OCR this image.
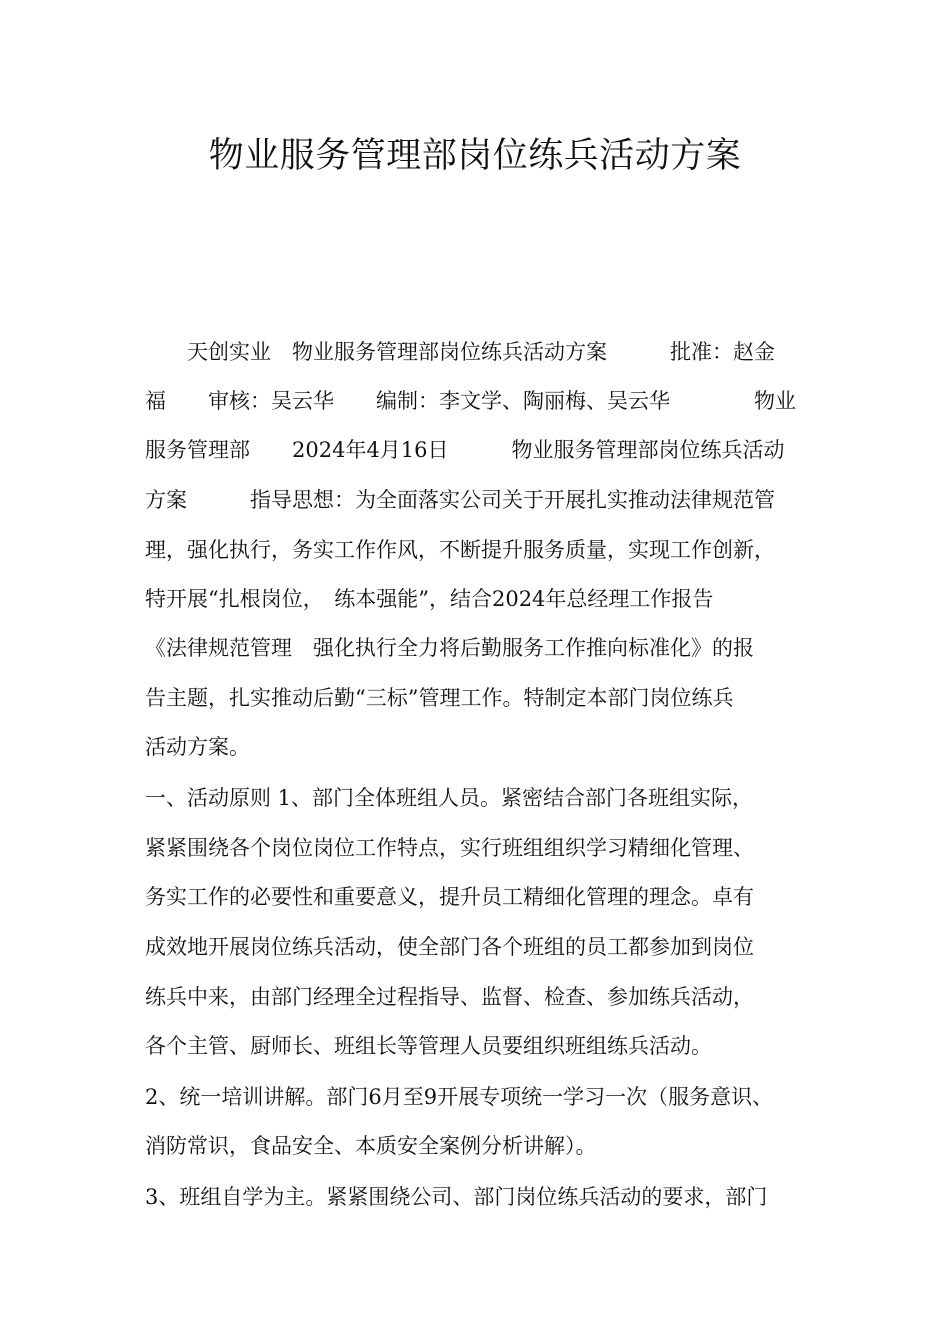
物业服务管理部岗位练兵活动方案

　　天创实业　物业服务管理部岗位练兵活动方案　　　批准：赵金

福　　审核：吴云华　　编制：李文学、陶丽梅、吴云华　　　　物业

服务管理部　　2024年4月16日　　　物业服务管理部岗位练兵活动

方案　　　指导思想：为全面落实公司关于开展扎实推动法律规范管

理，强化执行，务实工作作风，不断提升服务质量，实现工作创新，

特开展“扎根岗位，　练本强能”，结合2024年总经理工作报告

《法律规范管理　强化执行全力将后勤服务工作推向标准化》的报

告主题，扎实推动后勤“三标”管理工作。特制定本部门岗位练兵

活动方案。

一、活动原则 1、部门全体班组人员。紧密结合部门各班组实际，

紧紧围绕各个岗位岗位工作特点，实行班组组织学习精细化管理、

务实工作的必要性和重要意义，提升员工精细化管理的理念。卓有

成效地开展岗位练兵活动，使全部门各个班组的员工都参加到岗位

练兵中来，由部门经理全过程指导、监督、检查、参加练兵活动，

各个主管、厨师长、班组长等管理人员要组织班组练兵活动。

2、统一培训讲解。部门6月至9开展专项统一学习一次（服务意识、

消防常识，食品安全、本质安全案例分析讲解）。

3、班组自学为主。紧紧围绕公司、部门岗位练兵活动的要求，部门
